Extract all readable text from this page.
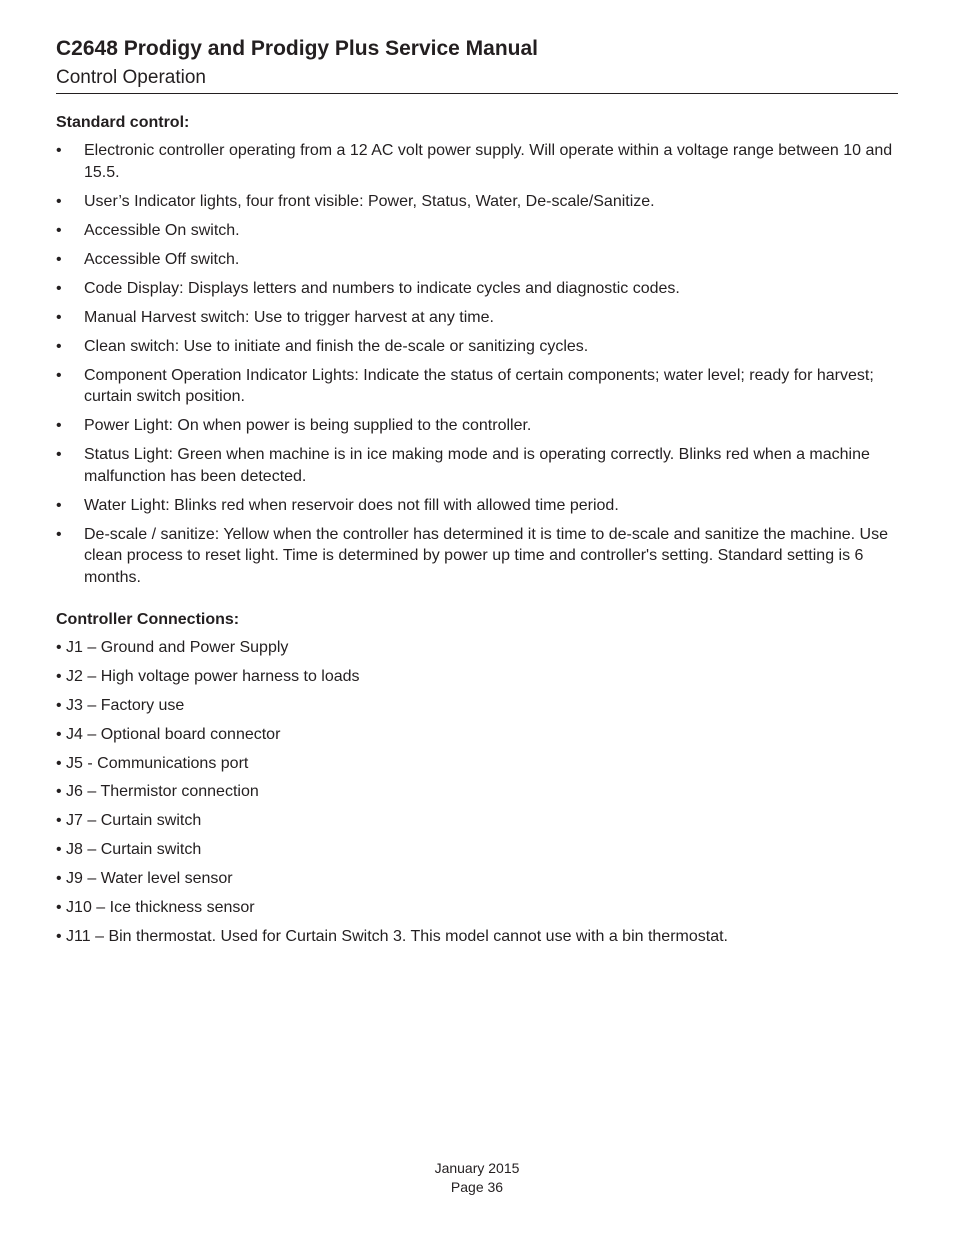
C2648 Prodigy and Prodigy Plus Service Manual
Control Operation
Standard control:
• Electronic controller operating from a 12 AC volt power supply. Will operate within a voltage range between 10 and 15.5.
• User’s Indicator lights, four front visible: Power, Status, Water, De-scale/Sanitize.
• Accessible On switch.
• Accessible Off switch.
• Code Display: Displays letters and numbers to indicate cycles and diagnostic codes.
• Manual Harvest switch: Use to trigger harvest at any time.
• Clean switch: Use to initiate and finish the de-scale or sanitizing cycles.
• Component Operation Indicator Lights: Indicate the status of certain components; water level; ready for harvest; curtain switch position.
• Power Light: On when power is being supplied to the controller.
• Status Light: Green when machine is in ice making mode and is operating correctly. Blinks red when a machine malfunction has been detected.
• Water Light: Blinks red when reservoir does not fill with allowed time period.
• De-scale / sanitize: Yellow when the controller has determined it is time to de-scale and sanitize the machine. Use clean process to reset light. Time is determined by power up time and controller's setting. Standard setting is 6 months.
Controller Connections:
• J1 – Ground and Power Supply
• J2 – High voltage power harness to loads
• J3 – Factory use
• J4 – Optional board connector
• J5 - Communications port
• J6 – Thermistor connection
• J7 – Curtain switch
• J8 – Curtain switch
• J9 – Water level sensor
• J10 – Ice thickness sensor
• J11 – Bin thermostat. Used for Curtain Switch 3. This model cannot use with a bin thermostat.
January 2015
Page 36
